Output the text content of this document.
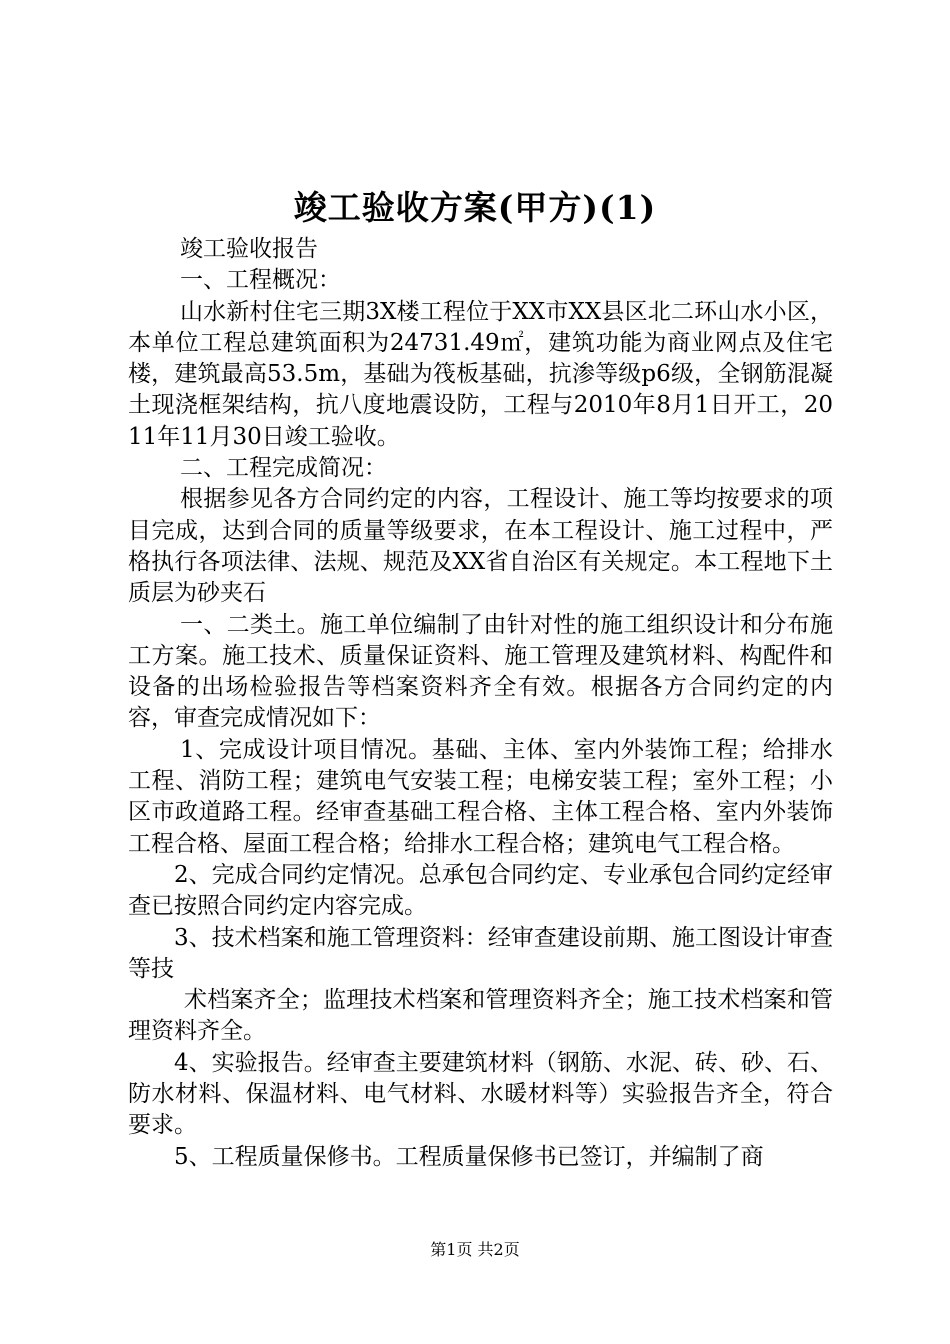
竣工验收方案(甲方)(1)

竣工验收报告

一、工程概况：

山水新村住宅三期3X楼工程位于XX市XX县区北二环山水小区，本单位工程总建筑面积为24731.49㎡，建筑功能为商业网点及住宅楼，建筑最高53.5m，基础为筏板基础，抗渗等级p6级，全钢筋混凝土现浇框架结构，抗八度地震设防，工程与2010年8月1日开工，2011年11月30日竣工验收。

二、工程完成简况：

根据参见各方合同约定的内容，工程设计、施工等均按要求的项目完成，达到合同的质量等级要求，在本工程设计、施工过程中，严格执行各项法律、法规、规范及XX省自治区有关规定。本工程地下土质层为砂夹石

一、二类土。施工单位编制了由针对性的施工组织设计和分布施工方案。施工技术、质量保证资料、施工管理及建筑材料、构配件和设备的出场检验报告等档案资料齐全有效。根据各方合同约定的内容，审查完成情况如下：

1、完成设计项目情况。基础、主体、室内外装饰工程；给排水工程、消防工程；建筑电气安装工程；电梯安装工程；室外工程；小区市政道路工程。经审查基础工程合格、主体工程合格、室内外装饰工程合格、屋面工程合格；给排水工程合格；建筑电气工程合格。

2、完成合同约定情况。总承包合同约定、专业承包合同约定经审查已按照合同约定内容完成。

3、技术档案和施工管理资料：经审查建设前期、施工图设计审查等技

术档案齐全；监理技术档案和管理资料齐全；施工技术档案和管理资料齐全。

4、实验报告。经审查主要建筑材料（钢筋、水泥、砖、砂、石、防水材料、保温材料、电气材料、水暖材料等）实验报告齐全，符合要求。

5、工程质量保修书。工程质量保修书已签订，并编制了商

第1页 共2页
